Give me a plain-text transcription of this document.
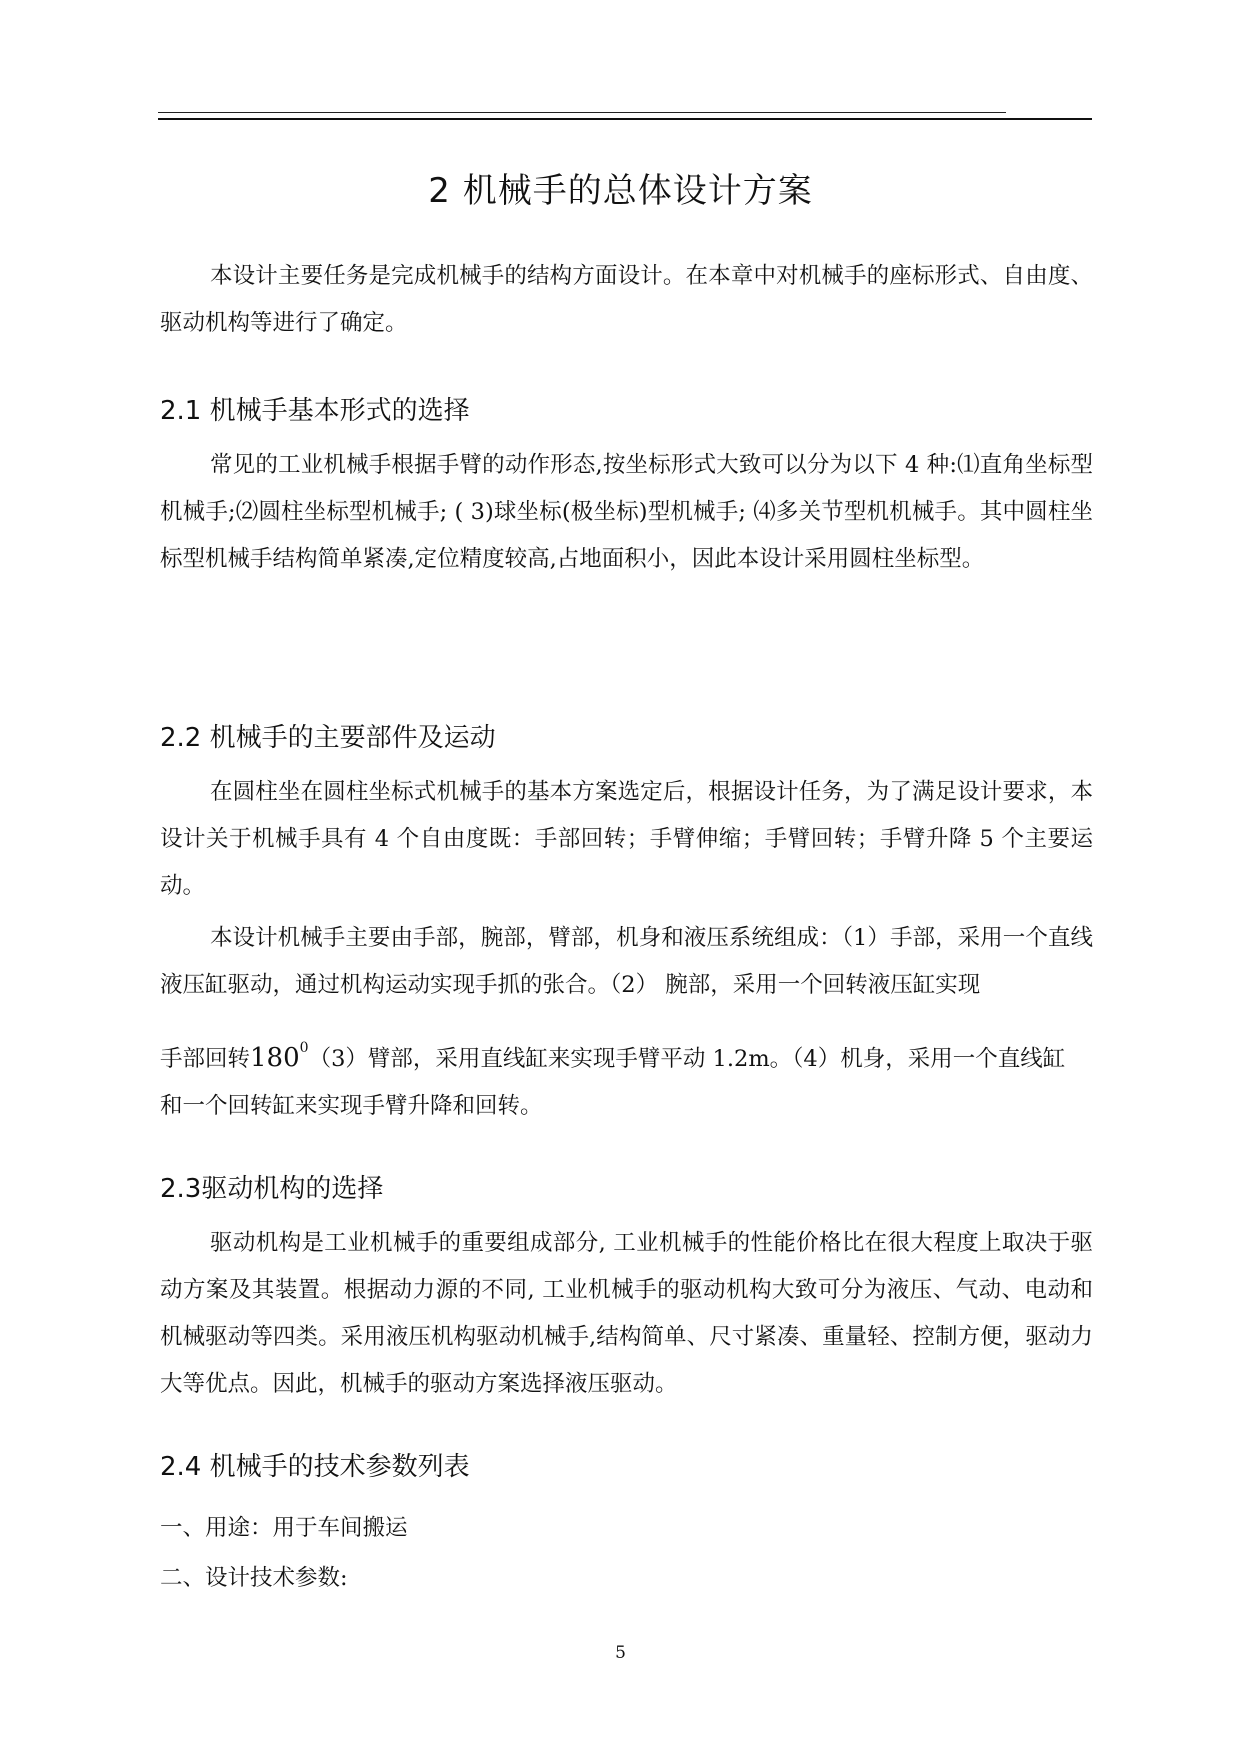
2 机械手的总体设计方案

本设计主要任务是完成机械手的结构方面设计。在本章中对机械手的座标形式、自由度、驱动机构等进行了确定。

2.1 机械手基本形式的选择

常见的工业机械手根据手臂的动作形态,按坐标形式大致可以分为以下 4 种:⑴直角坐标型机械手;⑵圆柱坐标型机械手; ( 3)球坐标(极坐标)型机械手; ⑷多关节型机机械手。其中圆柱坐标型机械手结构简单紧凑,定位精度较高,占地面积小，因此本设计采用圆柱坐标型。

2.2 机械手的主要部件及运动

在圆柱坐在圆柱坐标式机械手的基本方案选定后，根据设计任务，为了满足设计要求，本设计关于机械手具有 4 个自由度既：手部回转；手臂伸缩；手臂回转；手臂升降 5 个主要运动。

本设计机械手主要由手部，腕部，臂部，机身和液压系统组成：（1）手部，采用一个直线液压缸驱动，通过机构运动实现手抓的张合。（2） 腕部，采用一个回转液压缸实现

手部回转$180^0(3)$臂部，采用直线缸来实现手臂平动 1.2m。（4）机身，采用一个直线缸
和一个回转缸来实现手臂升降和回转。

2.3驱动机构的选择

驱动机构是工业机械手的重要组成部分, 工业机械手的性能价格比在很大程度上取决于驱动方案及其装置。根据动力源的不同, 工业机械手的驱动机构大致可分为液压、气动、电动和机械驱动等四类。采用液压机构驱动机械手,结构简单、尺寸紧凑、重量轻、控制方便，驱动力大等优点。因此，机械手的驱动方案选择液压驱动。

2.4 机械手的技术参数列表

一、用途：用于车间搬运

二、设计技术参数:

5
